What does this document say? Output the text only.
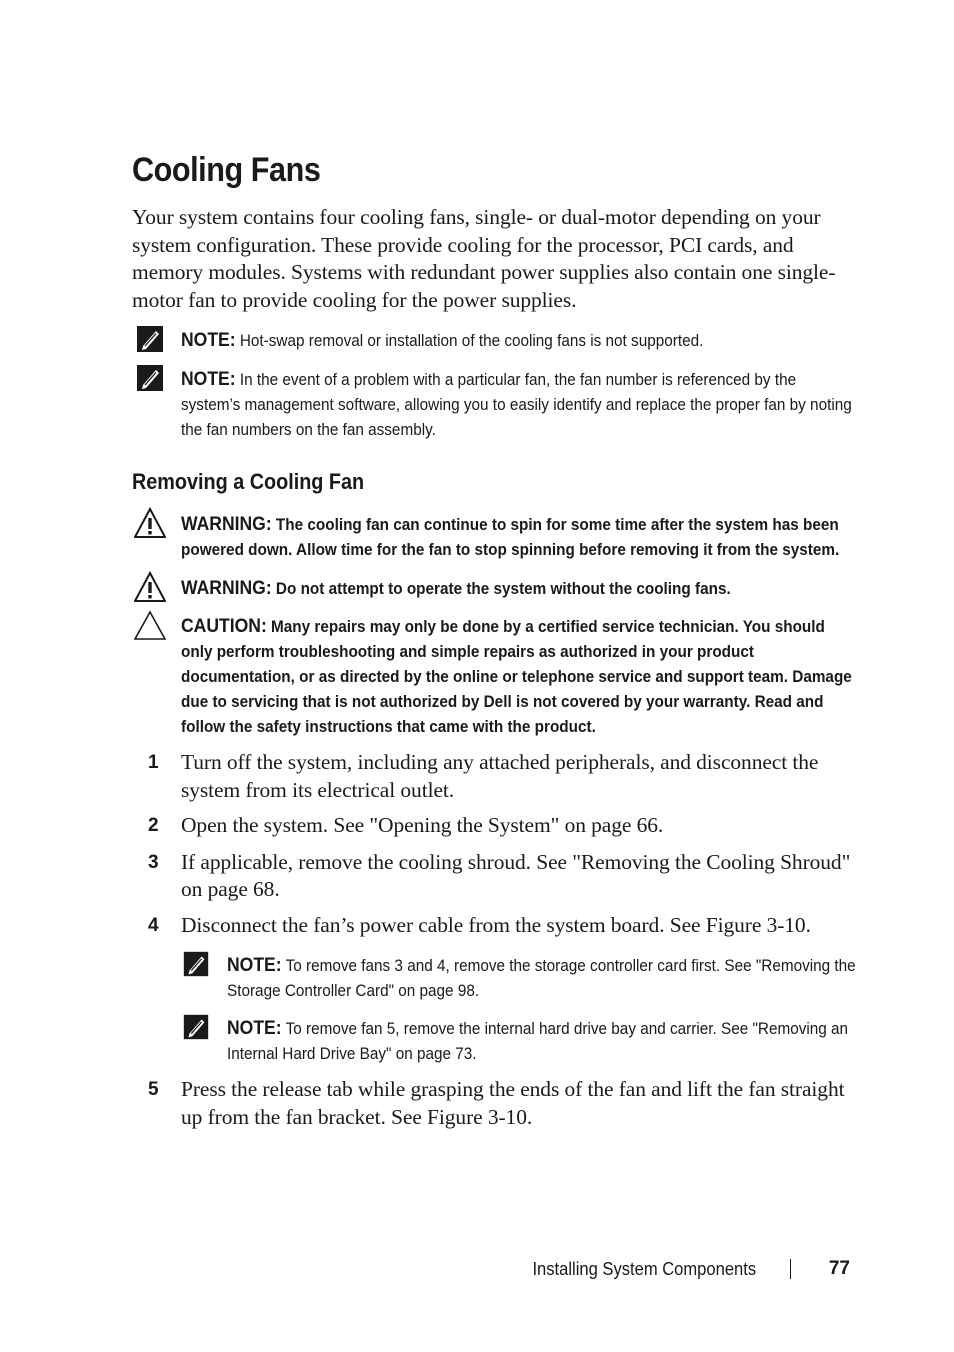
Cooling Fans

Your system contains four cooling fans, single- or dual-motor depending on your system configuration. These provide cooling for the processor, PCI cards, and memory modules. Systems with redundant power supplies also contain one single-motor fan to provide cooling for the power supplies.

NOTE: Hot-swap removal or installation of the cooling fans is not supported.
NOTE: In the event of a problem with a particular fan, the fan number is referenced by the system’s management software, allowing you to easily identify and replace the proper fan by noting the fan numbers on the fan assembly.
Removing a Cooling Fan
WARNING: The cooling fan can continue to spin for some time after the system has been powered down. Allow time for the fan to stop spinning before removing it from the system.
WARNING: Do not attempt to operate the system without the cooling fans.
CAUTION: Many repairs may only be done by a certified service technician. You should only perform troubleshooting and simple repairs as authorized in your product documentation, or as directed by the online or telephone service and support team. Damage due to servicing that is not authorized by Dell is not covered by your warranty. Read and follow the safety instructions that came with the product.
1 Turn off the system, including any attached peripherals, and disconnect the system from its electrical outlet.
2 Open the system. See "Opening the System" on page 66.
3 If applicable, remove the cooling shroud. See "Removing the Cooling Shroud" on page 68.
4 Disconnect the fan’s power cable from the system board. See Figure 3-10.
NOTE: To remove fans 3 and 4, remove the storage controller card first. See "Removing the Storage Controller Card" on page 98.
NOTE: To remove fan 5, remove the internal hard drive bay and carrier. See "Removing an Internal Hard Drive Bay" on page 73.
5 Press the release tab while grasping the ends of the fan and lift the fan straight up from the fan bracket. See Figure 3-10.
Installing System Components	77
